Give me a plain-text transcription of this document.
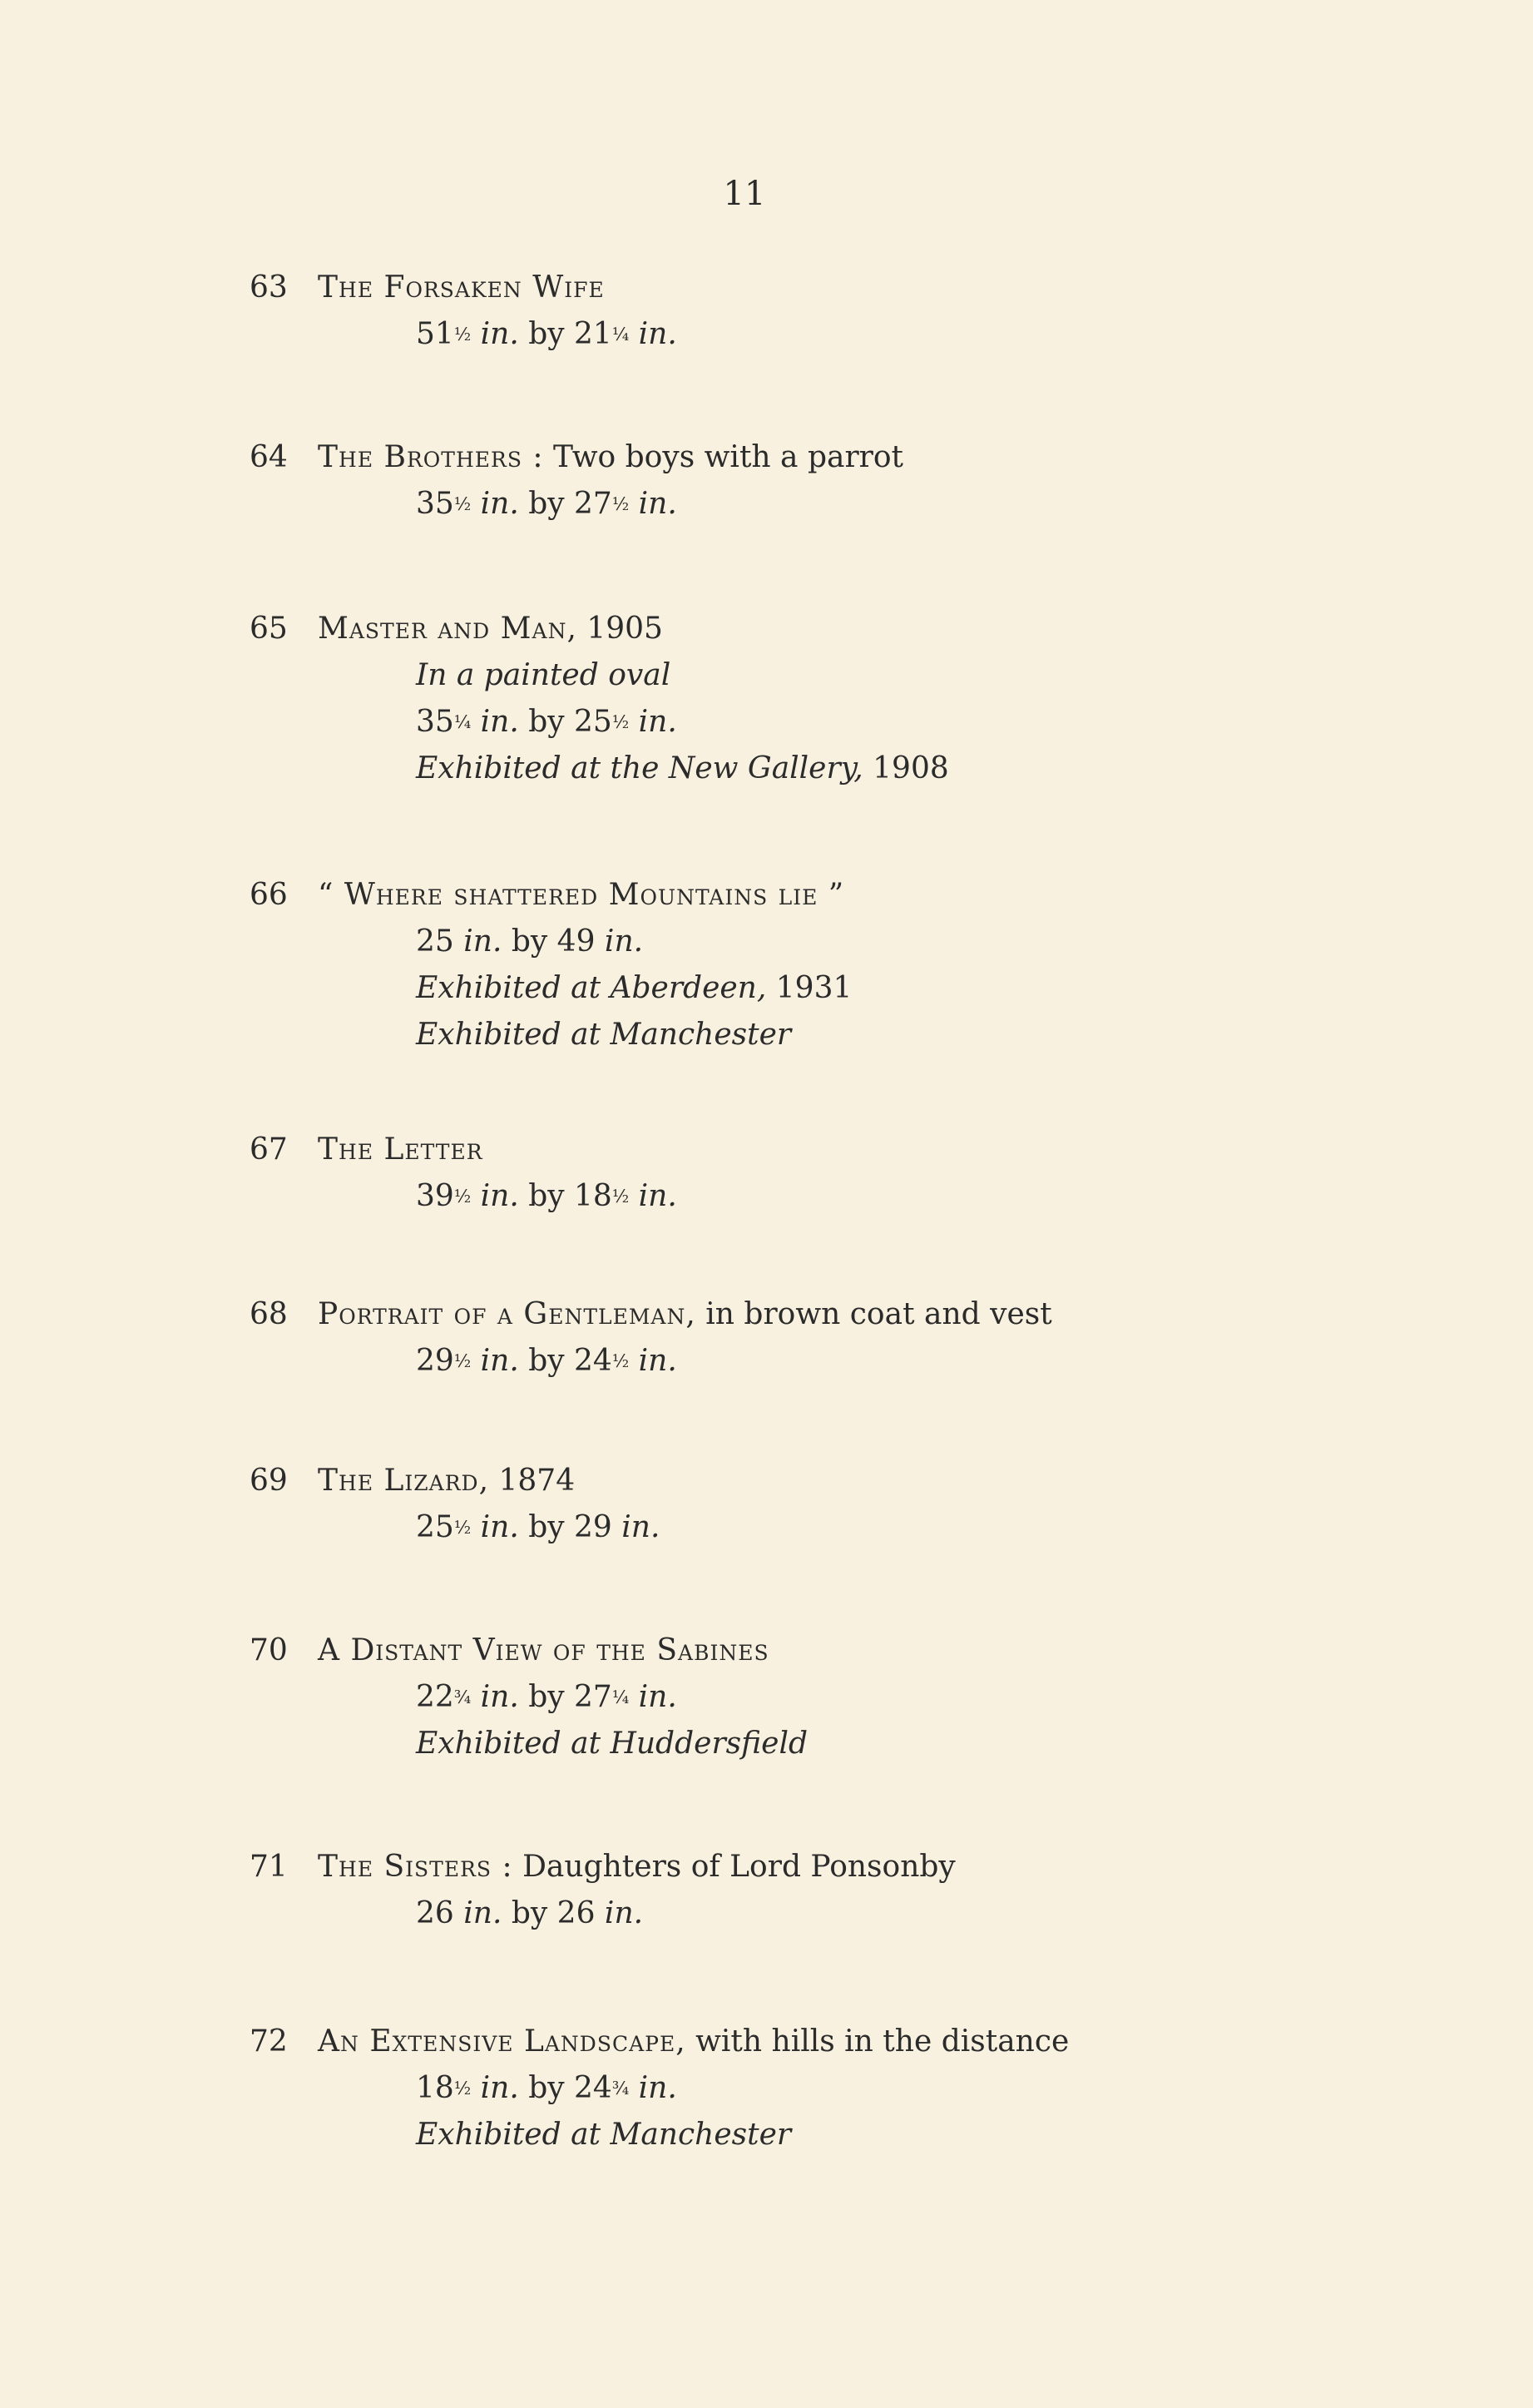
11
63 The Forsaken Wife
51½ in. by 21¼ in.
64 The Brothers : Two boys with a parrot
35½ in. by 27½ in.
65 Master and Man, 1905
In a painted oval
35¼ in. by 25½ in.
Exhibited at the New Gallery, 1908
66 “ Where shattered Mountains lie ”
25 in. by 49 in.
Exhibited at Aberdeen, 1931
Exhibited at Manchester
67 The Letter
39½ in. by 18½ in.
68 Portrait of a Gentleman, in brown coat and vest
29½ in. by 24½ in.
69 The Lizard, 1874
25½ in. by 29 in.
70 A Distant View of the Sabines
22¾ in. by 27¼ in.
Exhibited at Huddersfield
71 The Sisters : Daughters of Lord Ponsonby
26 in. by 26 in.
72 An Extensive Landscape, with hills in the distance
18½ in. by 24¾ in.
Exhibited at Manchester
